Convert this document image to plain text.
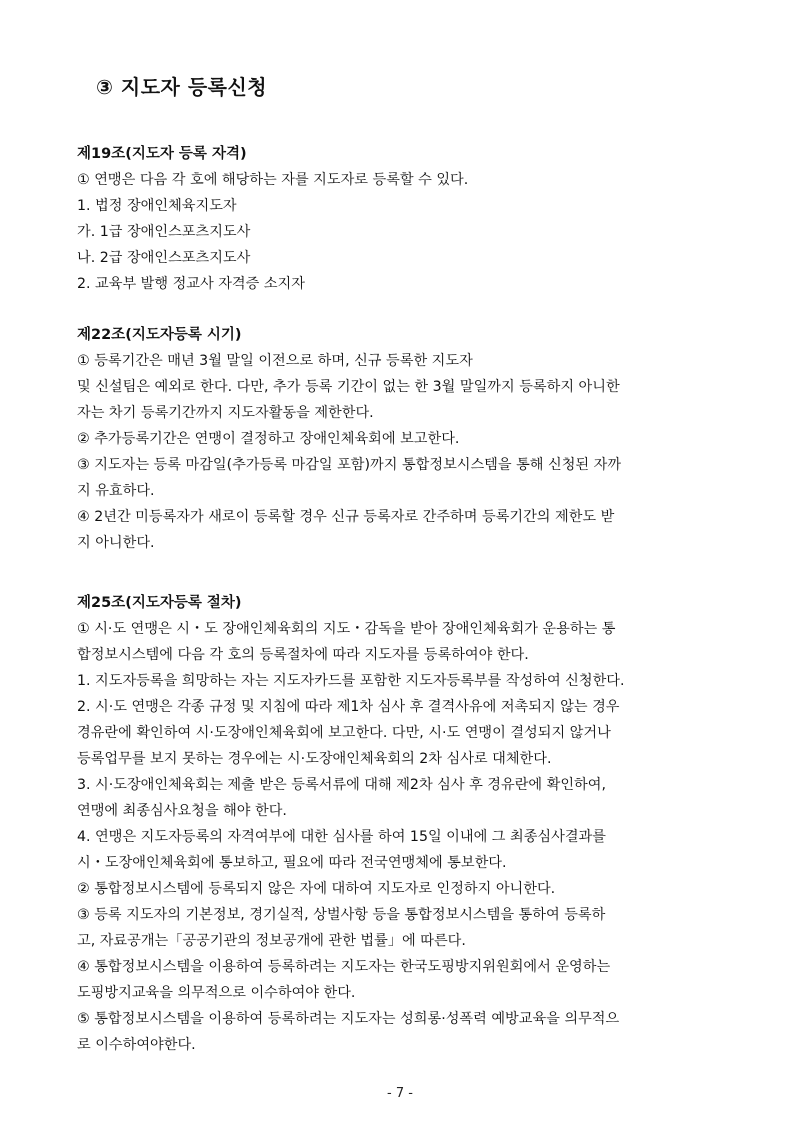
③ 지도자 등록신청
제19조(지도자 등록 자격)
① 연맹은 다음 각 호에 해당하는 자를 지도자로 등록할 수 있다.
1. 법정 장애인체육지도자
가. 1급 장애인스포츠지도사
나. 2급 장애인스포츠지도사
2. 교육부 발행 정교사 자격증 소지자
제22조(지도자등록 시기)
① 등록기간은 매년 3월 말일 이전으로 하며, 신규 등록한 지도자
및 신설팀은 예외로 한다. 다만, 추가 등록 기간이 없는 한 3월 말일까지 등록하지 아니한
자는 차기 등록기간까지 지도자활동을 제한한다.
② 추가등록기간은 연맹이 결정하고 장애인체육회에 보고한다.
③ 지도자는 등록 마감일(추가등록 마감일 포함)까지 통합정보시스템을 통해 신청된 자까
지 유효하다.
④ 2년간 미등록자가 새로이 등록할 경우 신규 등록자로 간주하며 등록기간의 제한도 받
지 아니한다.
제25조(지도자등록 절차)
① 시·도 연맹은 시・도 장애인체육회의 지도・감독을 받아 장애인체육회가 운용하는 통
합정보시스템에 다음 각 호의 등록절차에 따라 지도자를 등록하여야 한다.
1. 지도자등록을 희망하는 자는 지도자카드를 포함한 지도자등록부를 작성하여 신청한다.
2. 시·도 연맹은 각종 규정 및 지침에 따라 제1차 심사 후 결격사유에 저촉되지 않는 경우
경유란에 확인하여 시·도장애인체육회에 보고한다. 다만, 시·도 연맹이 결성되지 않거나
등록업무를 보지 못하는 경우에는 시·도장애인체육회의 2차 심사로 대체한다.
3. 시·도장애인체육회는 제출 받은 등록서류에 대해 제2차 심사 후 경유란에 확인하여,
연맹에 최종심사요청을 해야 한다.
4. 연맹은 지도자등록의 자격여부에 대한 심사를 하여 15일 이내에 그 최종심사결과를
시・도장애인체육회에 통보하고, 필요에 따라 전국연맹체에 통보한다.
② 통합정보시스템에 등록되지 않은 자에 대하여 지도자로 인정하지 아니한다.
③ 등록 지도자의 기본정보, 경기실적, 상벌사항 등을 통합정보시스템을 통하여 등록하
고, 자료공개는「공공기관의 정보공개에 관한 법률」에 따른다.
④ 통합정보시스템을 이용하여 등록하려는 지도자는 한국도핑방지위원회에서 운영하는
도핑방지교육을 의무적으로 이수하여야 한다.
⑤ 통합정보시스템을 이용하여 등록하려는 지도자는 성희롱·성폭력 예방교육을 의무적으
로 이수하여야한다.
- 7 -
